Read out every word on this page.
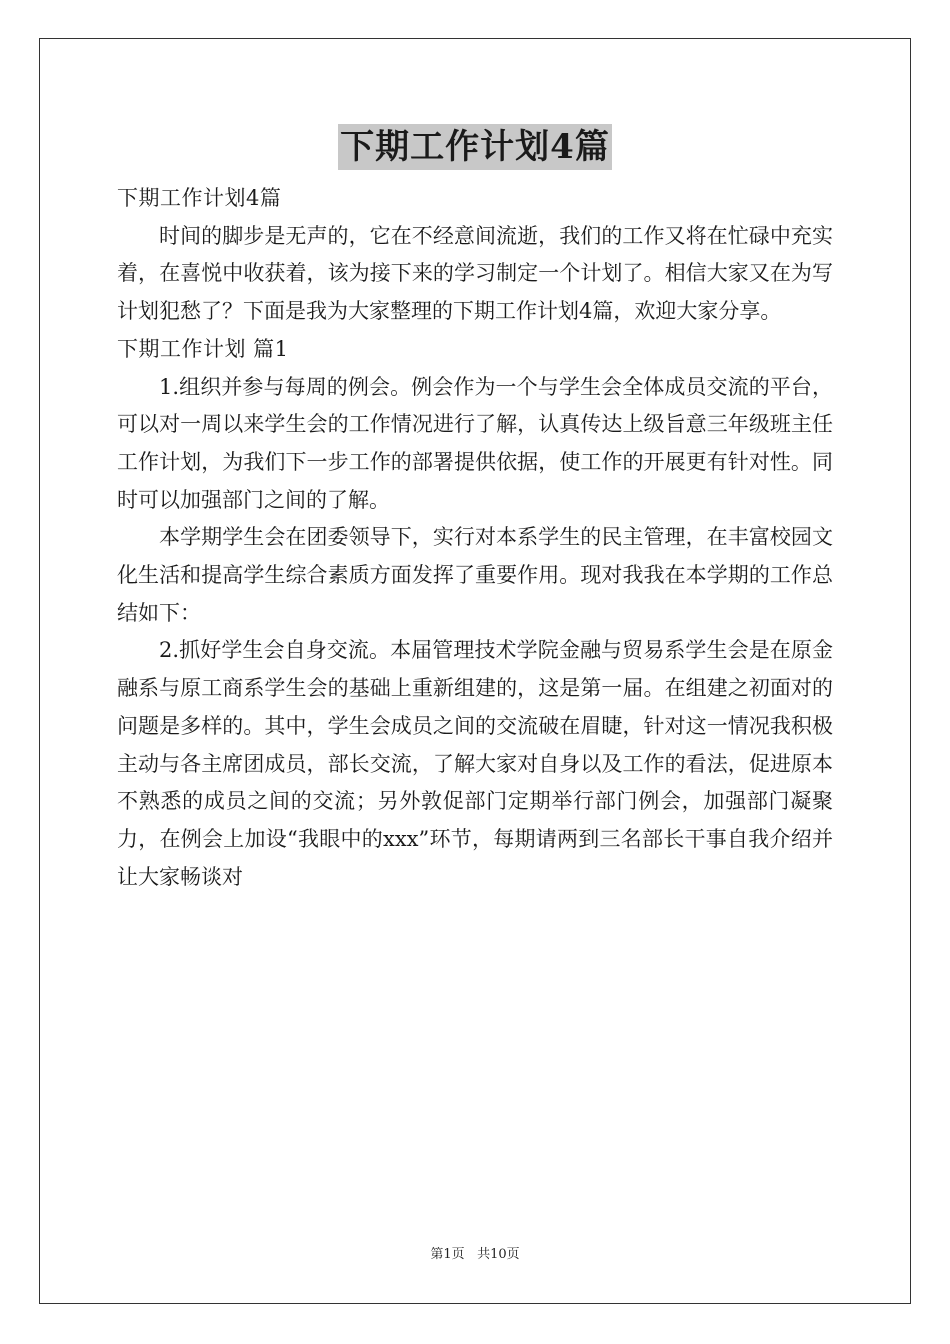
下期工作计划4篇

下期工作计划4篇

时间的脚步是无声的，它在不经意间流逝，我们的工作又将在忙碌中充实着，在喜悦中收获着，该为接下来的学习制定一个计划了。相信大家又在为写计划犯愁了？下面是我为大家整理的下期工作计划4篇，欢迎大家分享。

下期工作计划 篇1

1.组织并参与每周的例会。例会作为一个与学生会全体成员交流的平台，可以对一周以来学生会的工作情况进行了解，认真传达上级旨意三年级班主任工作计划，为我们下一步工作的部署提供依据，使工作的开展更有针对性。同时可以加强部门之间的了解。

本学期学生会在团委领导下，实行对本系学生的民主管理，在丰富校园文化生活和提高学生综合素质方面发挥了重要作用。现对我我在本学期的工作总结如下：

2.抓好学生会自身交流。本届管理技术学院金融与贸易系学生会是在原金融系与原工商系学生会的基础上重新组建的，这是第一届。在组建之初面对的问题是多样的。其中，学生会成员之间的交流破在眉睫，针对这一情况我积极主动与各主席团成员，部长交流，了解大家对自身以及工作的看法，促进原本不熟悉的成员之间的交流；另外敦促部门定期举行部门例会，加强部门凝聚力，在例会上加设“我眼中的xxx”环节，每期请两到三名部长干事自我介绍并让大家畅谈对

第1页 共10页
